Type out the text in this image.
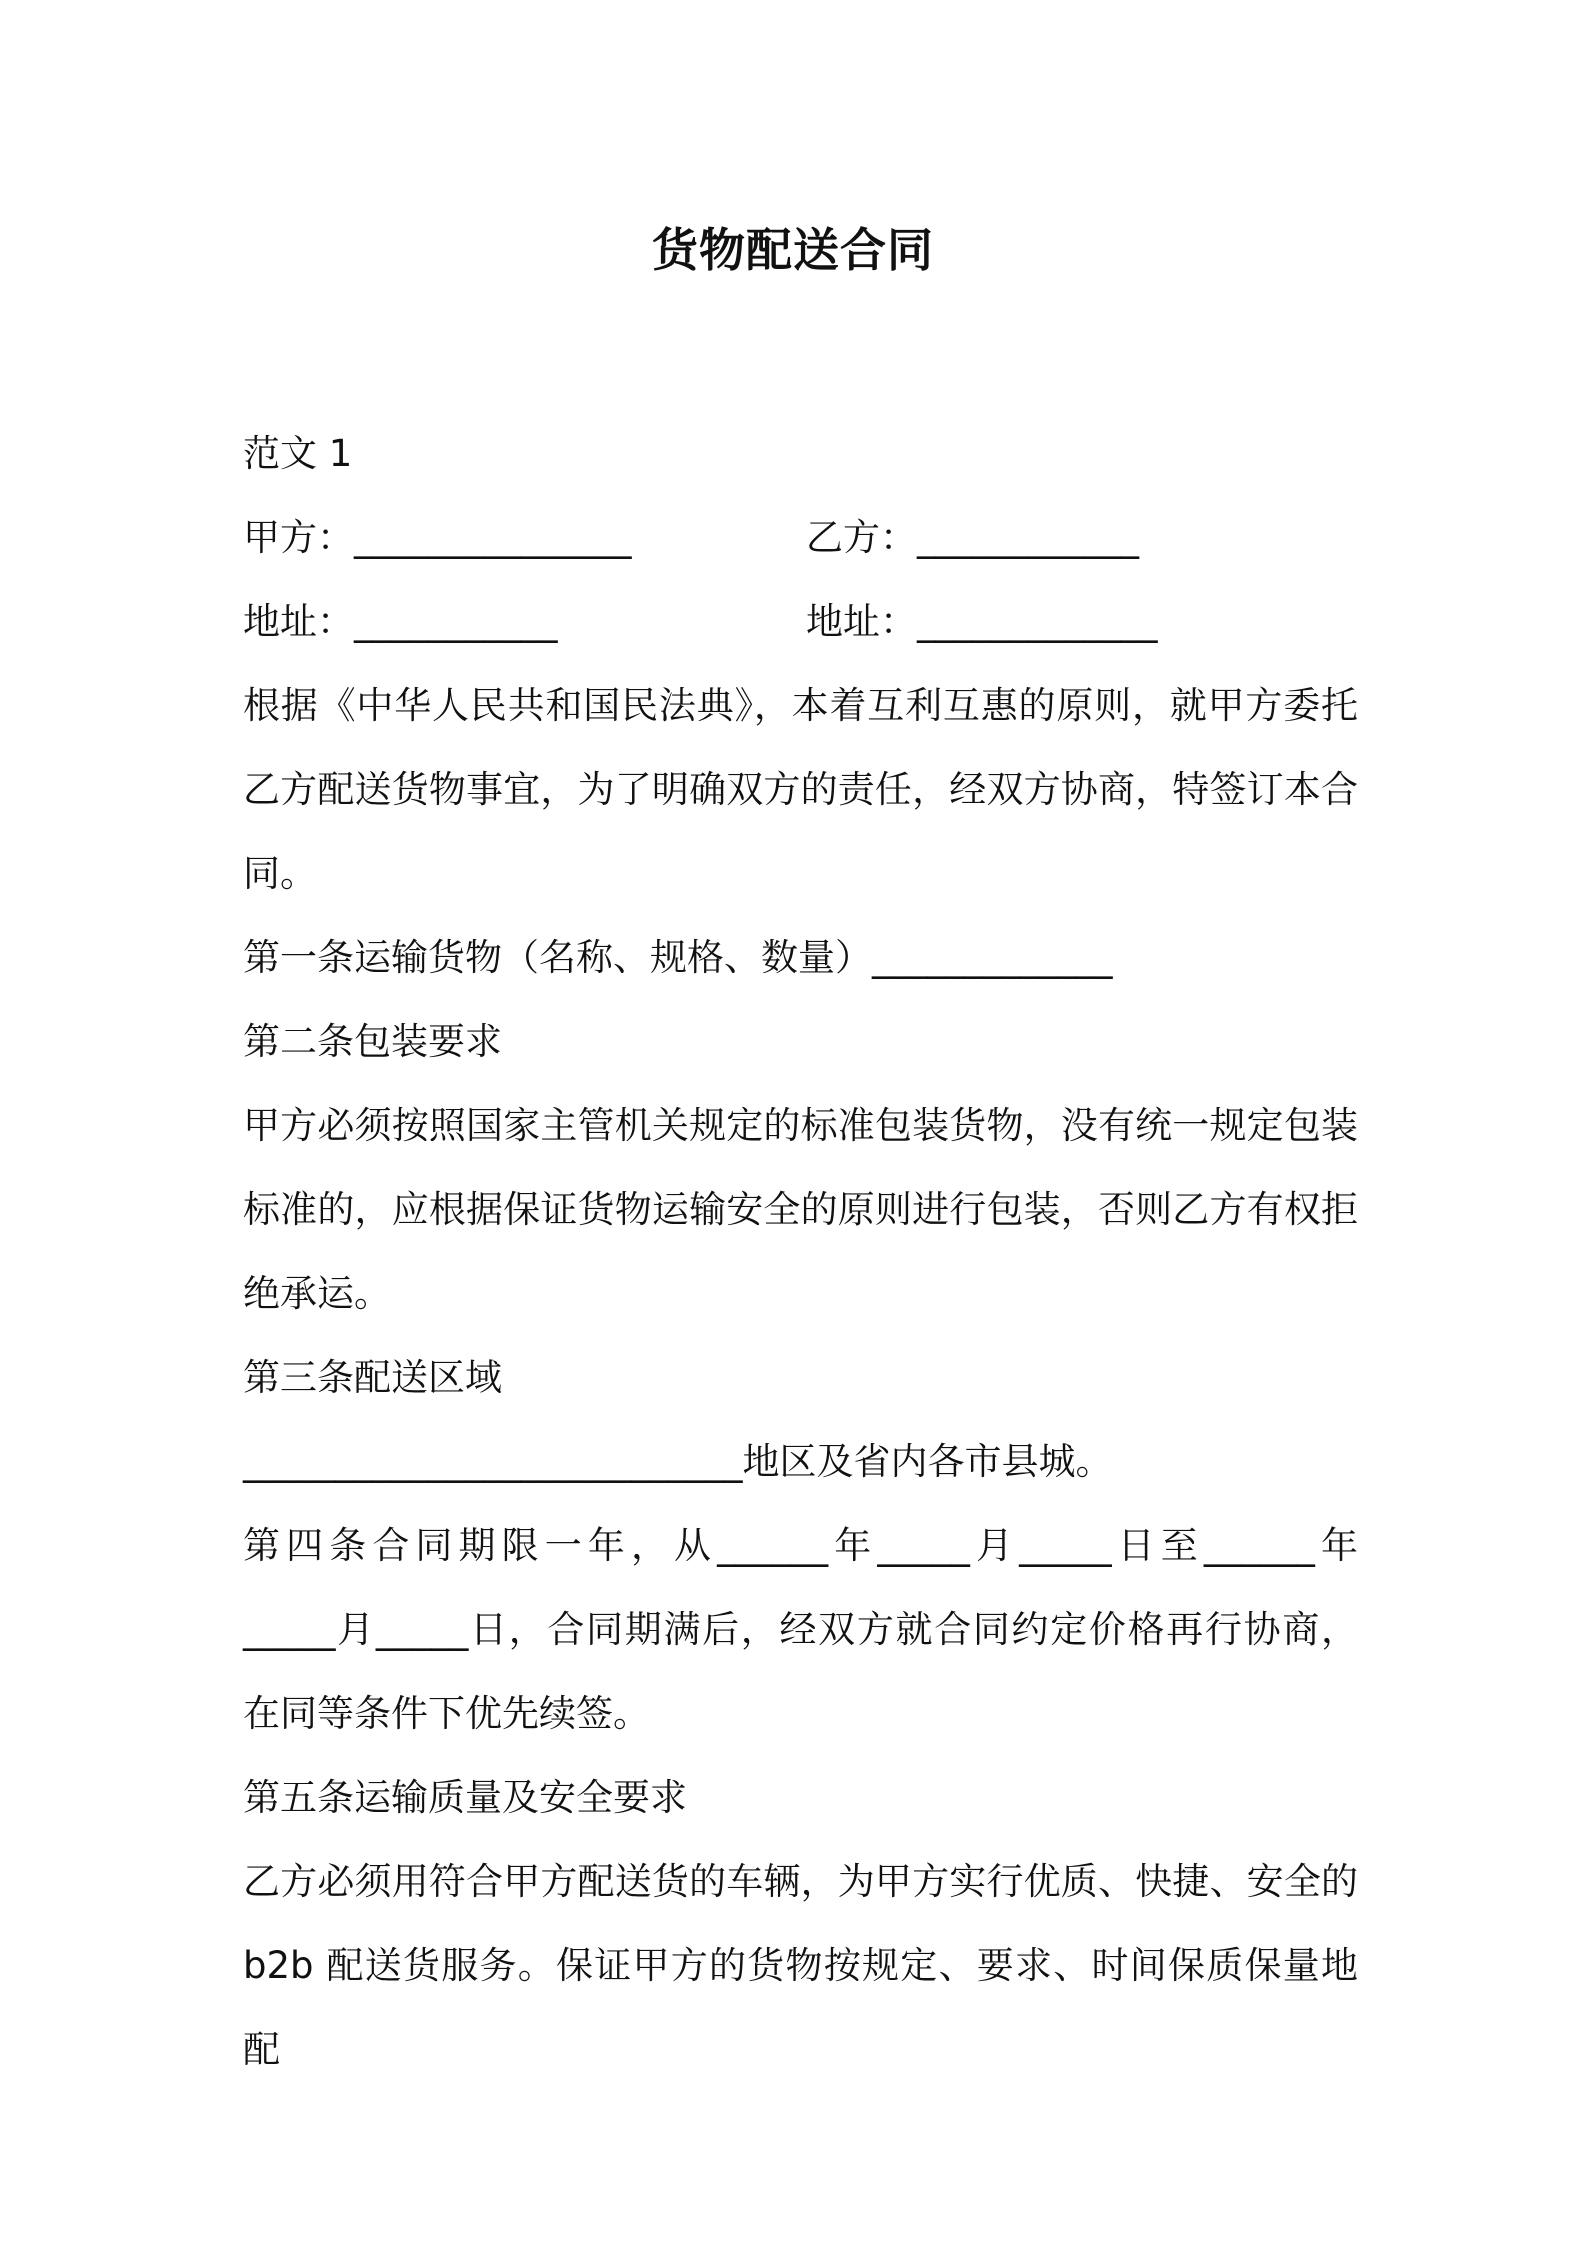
货物配送合同
范文 1
甲方：_______________	乙方：____________
地址：___________	地址：_____________
根据《中华人民共和国民法典》，本着互利互惠的原则，就甲方委托
乙方配送货物事宜，为了明确双方的责任，经双方协商，特签订本合
同。
第一条运输货物（名称、规格、数量）_____________
第二条包装要求
甲方必须按照国家主管机关规定的标准包装货物，没有统一规定包装
标准的，应根据保证货物运输安全的原则进行包装，否则乙方有权拒
绝承运。
第三条配送区域
___________________________地区及省内各市县城。
第四条合同期限一年，从______年_____月_____日至______年
_____月_____日，合同期满后，经双方就合同约定价格再行协商，
在同等条件下优先续签。
第五条运输质量及安全要求
乙方必须用符合甲方配送货的车辆，为甲方实行优质、快捷、安全的
b2b 配送货服务。保证甲方的货物按规定、要求、时间保质保量地配
